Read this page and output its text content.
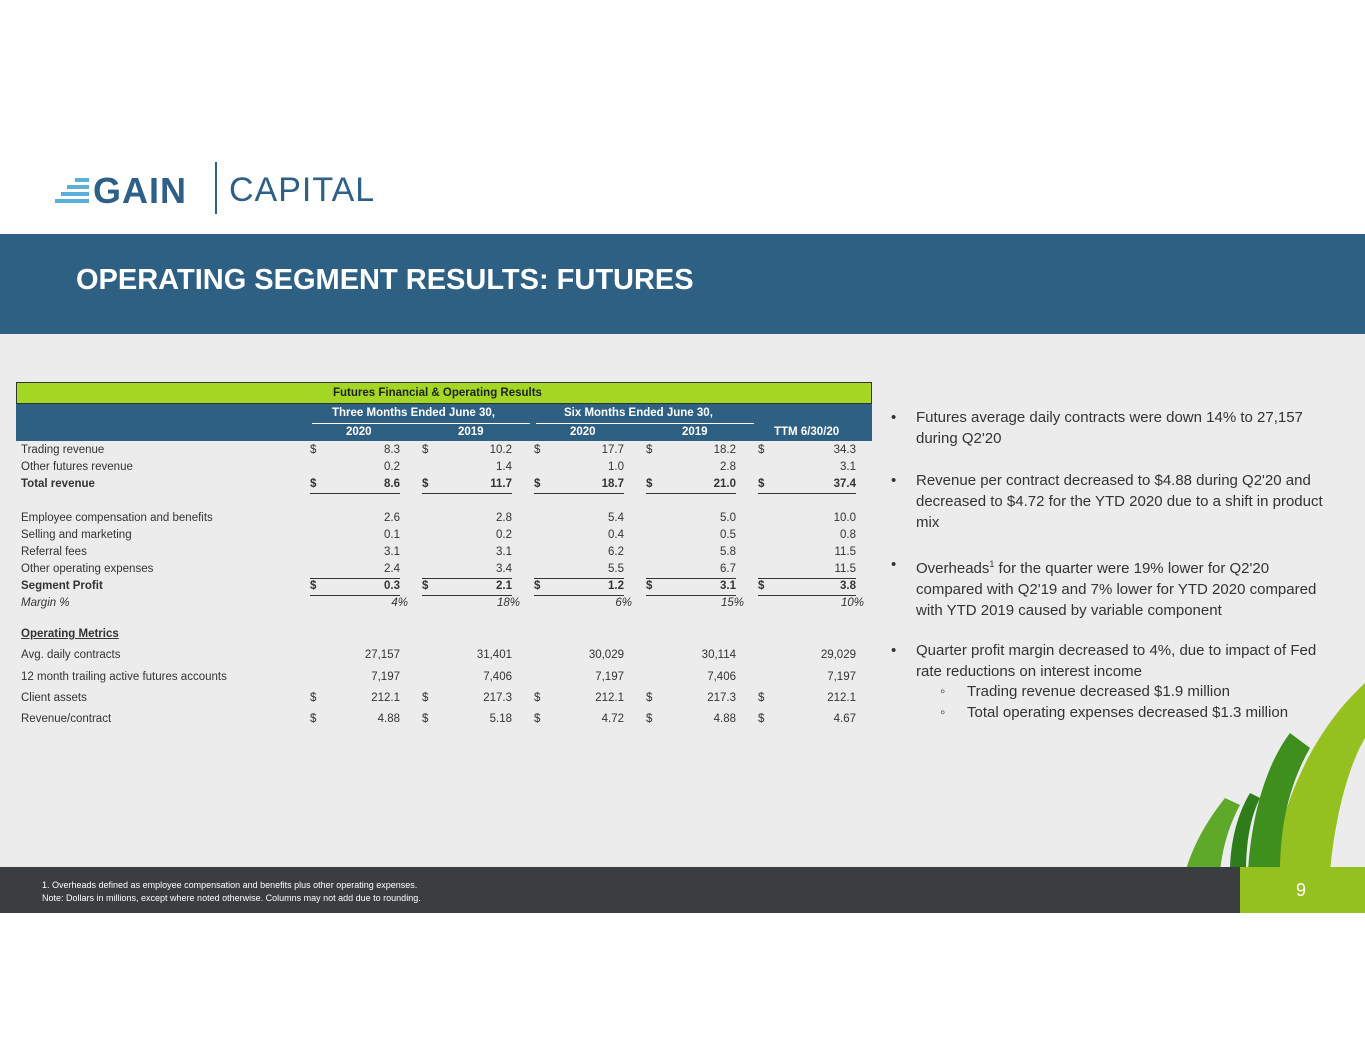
GAIN CAPITAL
OPERATING SEGMENT RESULTS: FUTURES
Futures Financial & Operating Results
Three Months Ended June 30,	Six Months Ended June 30,
2020	2019	2020	2019	TTM 6/30/20
Trading revenue	$	8.3 $	10.2 $	17.7 $	18.2 $	34.3
Other futures revenue	0.2	1.4	1.0	2.8	3.1
Total revenue	$	8.6 $	11.7 $	18.7 $	21.0 $	37.4
Employee compensation and benefits	2.6	2.8	5.4	5.0	10.0
Selling and marketing	0.1	0.2	0.4	0.5	0.8
Referral fees	3.1	3.1	6.2	5.8	11.5
Other operating expenses	2.4	3.4	5.5	6.7	11.5
Segment Profit	$	0.3 $	2.1 $	1.2 $	3.1 $	3.8
Margin %	4%	18%	6%	15%	10%
Operating Metrics
Avg. daily contracts	27,157	31,401	30,029	30,114	29,029
12 month trailing active futures accounts	7,197	7,406	7,197	7,406	7,197
Client assets	$	212.1 $	217.3 $	212.1 $	217.3 $	212.1
Revenue/contract	$	4.88 $	5.18 $	4.72 $	4.88 $	4.67
• Futures average daily contracts were down 14% to 27,157 during Q2'20
• Revenue per contract decreased to $4.88 during Q2'20 and decreased to $4.72 for the YTD 2020 due to a shift in product mix
• Overheads$^1$ for the quarter were 19% lower for Q2'20 compared with Q2'19 and 7% lower for YTD 2020 compared with YTD 2019 caused by variable component
• Quarter profit margin decreased to 4%, due to impact of Fed rate reductions on interest income
◦ Trading revenue decreased $1.9 million
◦ Total operating expenses decreased $1.3 million
1. Overheads defined as employee compensation and benefits plus other operating expenses.
Note: Dollars in millions, except where noted otherwise. Columns may not add due to rounding.	9
